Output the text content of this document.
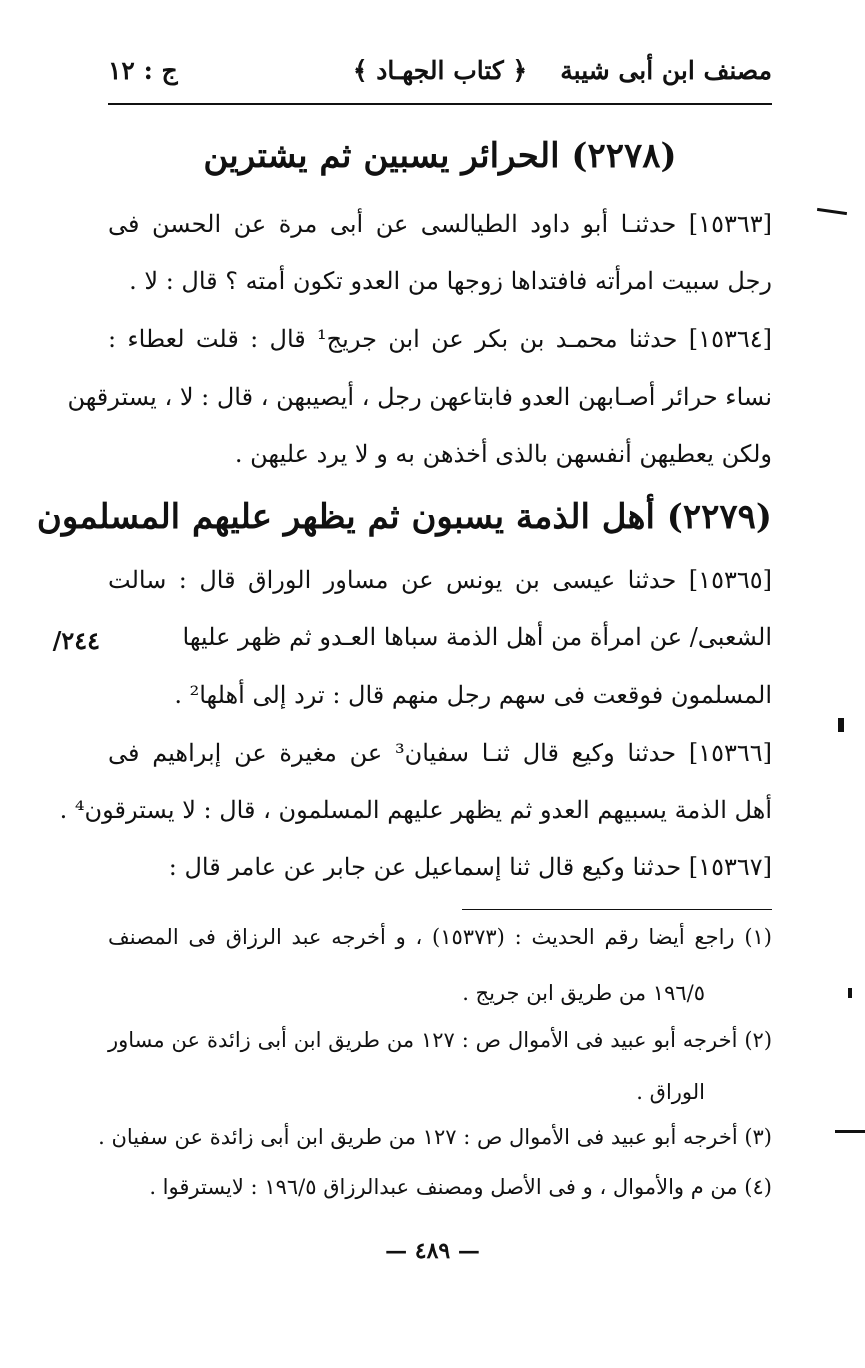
مصنف ابن أبى شيبة
﴿ كتاب الجهـاد ﴾
ج : ١٢
(٢٢٧٨) الحرائر يسبين ثم يشترين
[١٥٣٦٣] حدثنـا أبو داود الطيالسى عن أبى مرة عن الحسن فى
رجل سبيت امرأته فافتداها زوجها من العدو تكون أمته ؟ قال : لا .
[١٥٣٦٤] حدثنا محمـد بن بكر عن ابن جريج¹ قال : قلت لعطاء :
نساء حرائر أصـابهن العدو فابتاعهن رجل ، أيصيبهن ، قال : لا ، يسترقهن
ولكن يعطيهن أنفسهن بالذى أخذهن به و لا يرد عليهن .
(٢٢٧٩) أهل الذمة يسبون ثم يظهر عليهم المسلمون
[١٥٣٦٥] حدثنا عيسى بن يونس عن مساور الوراق قال : سالت
الشعبى/ عن امرأة من أهل الذمة سباها العـدو ثم ظهر عليها
٢٤٤/
المسلمون فوقعت فى سهم رجل منهم قال : ترد إلى أهلها² .
[١٥٣٦٦] حدثنا وكيع قال ثنـا سفيان³ عن مغيرة عن إبراهيم فى
أهل الذمة يسبيهم العدو ثم يظهر عليهم المسلمون ، قال : لا يسترقون⁴ .
[١٥٣٦٧] حدثنا وكيع قال ثنا إسماعيل عن جابر عن عامر قال :
(١) راجع أيضا رقم الحديث : (١٥٣٧٣) ، و أخرجه عبد الرزاق فى المصنف
١٩٦/٥ من طريق ابن جريج .
(٢) أخرجه أبو عبيد فى الأموال ص : ١٢٧ من طريق ابن أبى زائدة عن مساور
الوراق .
(٣) أخرجه أبو عبيد فى الأموال ص : ١٢٧ من طريق ابن أبى زائدة عن سفيان .
(٤) من م والأموال ، و فى الأصل ومصنف عبدالرزاق ١٩٦/٥ : لايسترقوا .
— ٤٨٩ —
